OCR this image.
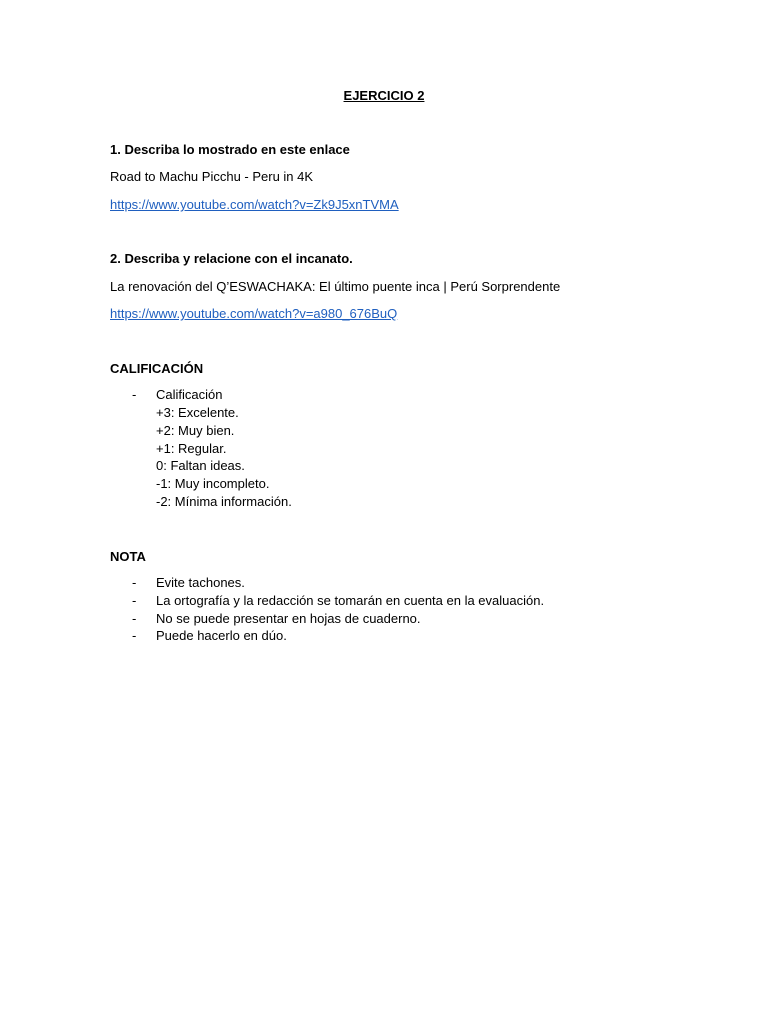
EJERCICIO 2
1. Describa lo mostrado en este enlace
Road to Machu Picchu - Peru in 4K
https://www.youtube.com/watch?v=Zk9J5xnTVMA
2. Describa y relacione con el incanato.
La renovación del Q’ESWACHAKA: El último puente inca | Perú Sorprendente
https://www.youtube.com/watch?v=a980_676BuQ
CALIFICACIÓN
- Calificación
+3: Excelente.
+2: Muy bien.
+1: Regular.
0: Faltan ideas.
-1: Muy incompleto.
-2: Mínima información.
NOTA
- Evite tachones.
- La ortografía y la redacción se tomarán en cuenta en la evaluación.
- No se puede presentar en hojas de cuaderno.
- Puede hacerlo en dúo.
